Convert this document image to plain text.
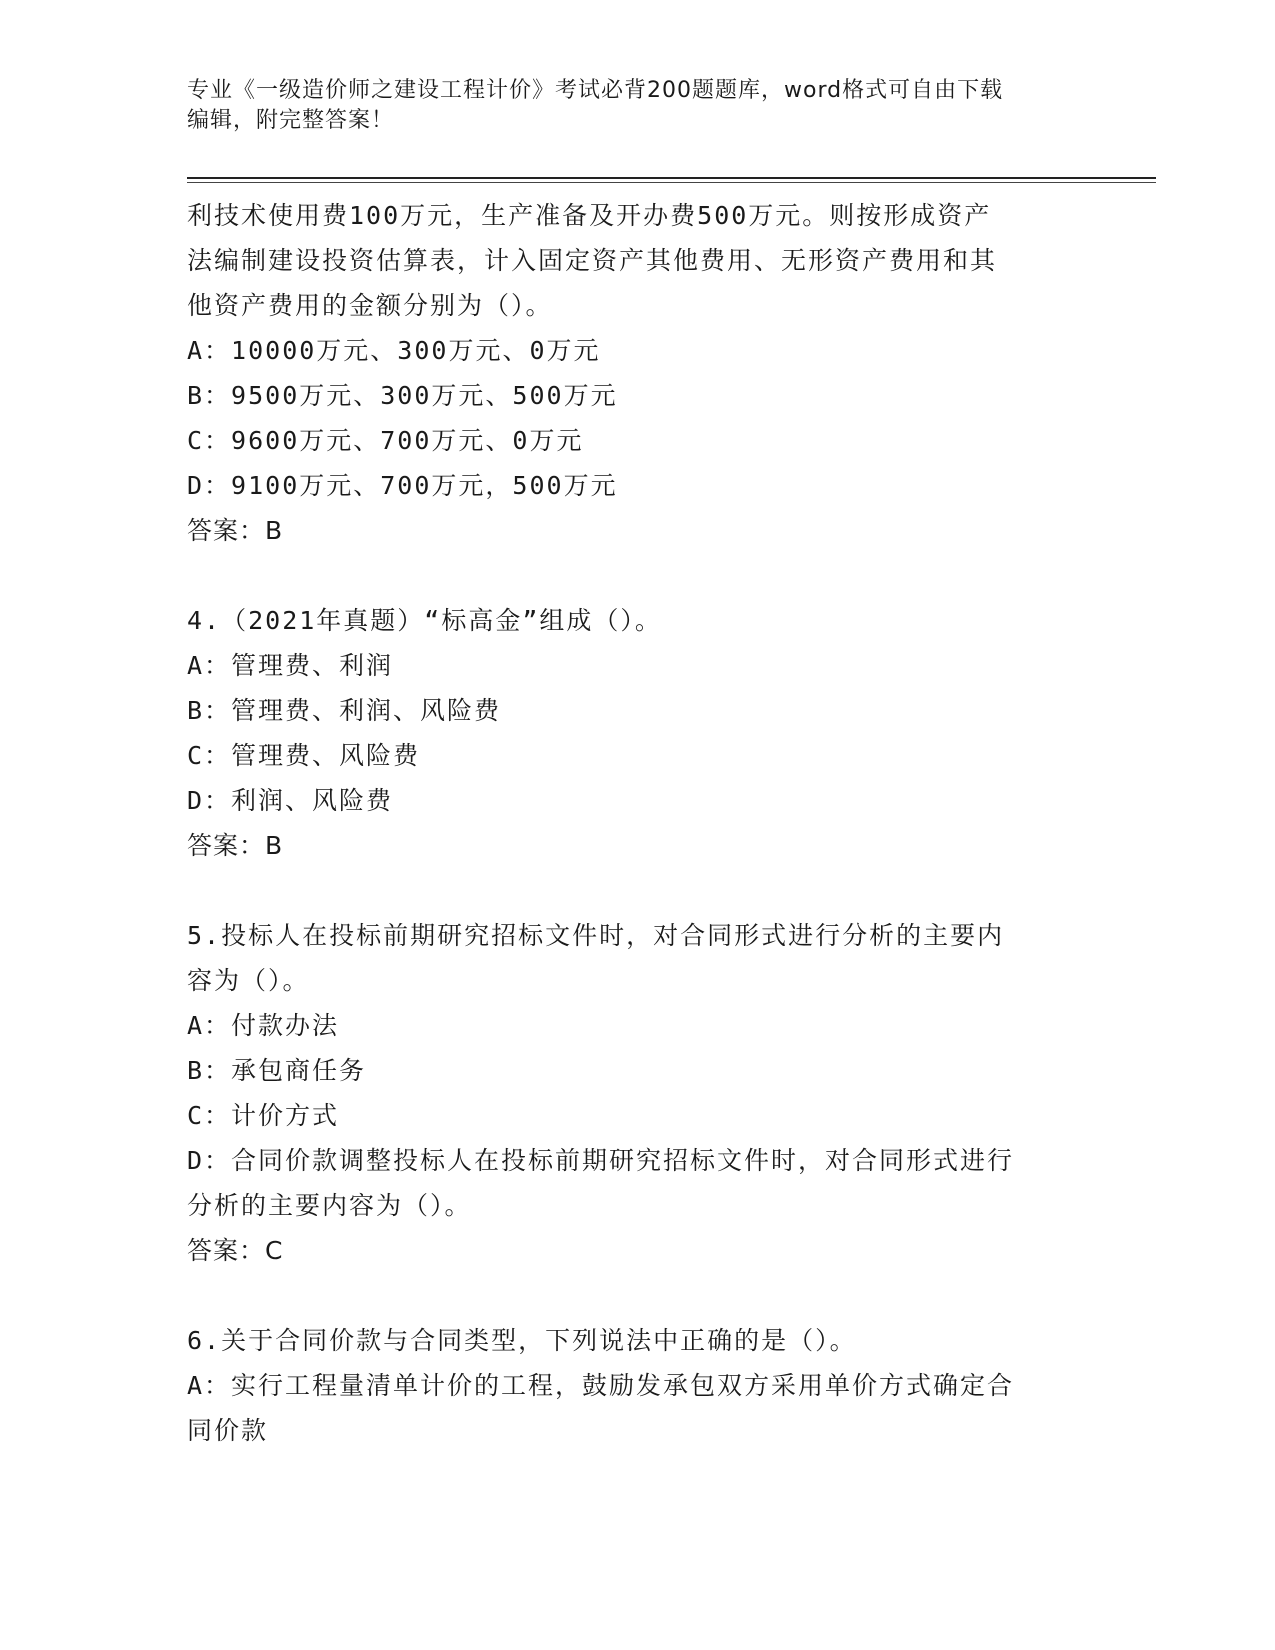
专业《一级造价师之建设工程计价》考试必背200题题库，word格式可自由下载
编辑，附完整答案！
利技术使用费100万元，生产准备及开办费500万元。则按形成资产
法编制建设投资估算表，计入固定资产其他费用、无形资产费用和其
他资产费用的金额分别为（）。
A：10000万元、300万元、0万元
B：9500万元、300万元、500万元
C：9600万元、700万元、0万元
D：9100万元、700万元，500万元
答案：B
4.（2021年真题）“标高金”组成（）。
A：管理费、利润
B：管理费、利润、风险费
C：管理费、风险费
D：利润、风险费
答案：B
5.投标人在投标前期研究招标文件时，对合同形式进行分析的主要内
容为（）。
A：付款办法
B：承包商任务
C：计价方式
D：合同价款调整投标人在投标前期研究招标文件时，对合同形式进行
分析的主要内容为（）。
答案：C
6.关于合同价款与合同类型，下列说法中正确的是（）。
A：实行工程量清单计价的工程，鼓励发承包双方采用单价方式确定合
同价款
